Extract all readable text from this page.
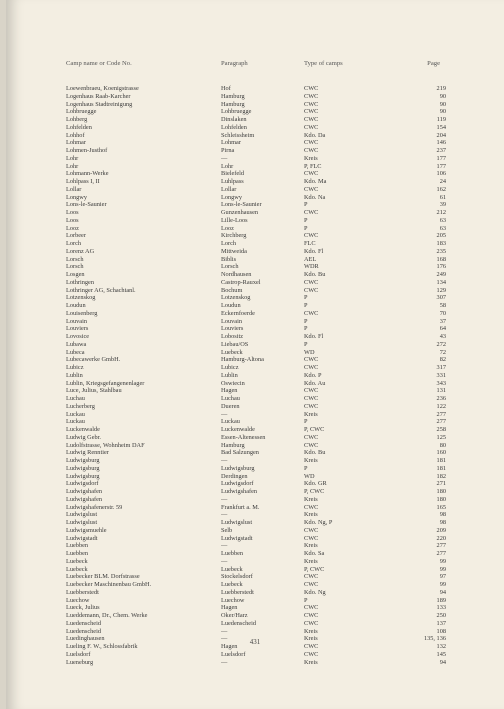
Camp name or Code No.	Paragraph	Type of camps	Page
Loewenbraeu, Koenigstrasse	Hof	CWC	219
Logenhaus Raab-Karcher	Hamburg	CWC	90
Logenhaus Stadtreinigung	Hamburg	CWC	90
Lohbruegge	Lohbruegge	CWC	90
Lohberg	Dinslaken	CWC	119
Lohfelden	Lohfelden	CWC	154
Lohhof	Schleissheim	Kdo. Da	204
Lohmar	Lohmar	CWC	146
Lohmen-Justhof	Pirna	CWC	237
Lohr	—	Kreis	177
Lohr	Lohr	P, FLC	177
Lohmann-Werke	Bielefeld	CWC	106
Lohlpass I, II	Luhlpass	Kdo. Ma	24
Lollar	Lollar	CWC	162
Longwy	Longwy	Kdo. Na	61
Lons-le-Saunier	Lons-le-Saunier	P	39
Loos	Gunzenhausen	CWC	212
Loos	Lille-Loos	P	63
Looz	Looz	P	63
Lorbeer	Kirchberg	CWC	205
Lorch	Lorch	FLC	183
Lorenz AG	Mittweida	Kdo. Fl	235
Lorsch	Biblis	AEL	168
Lorsch	Lorsch	WDR	176
Losgen	Nordhausen	Kdo. Bu	249
Lothringen	Castrop-Rauxel	CWC	134
Lothringer AG, Schachtanl.	Bochum	CWC	129
Lotzenskog	Lotzenskog	P	307
Loudun	Loudun	P	58
Louisenberg	Eckernfoerde	CWC	70
Louvain	Louvain	P	37
Louviers	Louviers	P	64
Lovosice	Lobositz	Kdo. Fl	43
Lubawa	Liebau/OS	P	272
Lubeca	Luebeck	WD	72
Lubecawerke GmbH.	Hamburg-Altona	CWC	82
Lubicz	Lubicz	CWC	317
Lublin	Lublin	Kdo. P	331
Lublin, Kriegsgefangenenlager	Oswiecin	Kdo. Au	343
Luce, Julius, Stahlbau	Hagen	CWC	131
Luchau	Luchau	CWC	236
Lucherberg	Dueren	CWC	122
Luckau	—	Kreis	277
Luckau	Luckau	P	277
Luckenwalde	Luckenwalde	P, CWC	258
Ludwig Gebr.	Essen-Altenessen	CWC	125
Ludolfstrasse, Wohnheim DAF	Hamburg	CWC	80
Ludwig Renntier	Bad Salzungen	Kdo. Bu	160
Ludwigsburg	—	Kreis	181
Ludwigsburg	Ludwigsburg	P	181
Ludwigsburg	Derdingen	WD	182
Ludwigsdorf	Ludwigsdorf	Kdo. GR	271
Ludwigshafen	Ludwigshafen	P, CWC	180
Ludwigshafen	—	Kreis	180
Ludwigshafenerstr. 59	Frankfurt a. M.	CWC	165
Ludwigslust	—	Kreis	98
Ludwigslust	Ludwigslust	Kdo. Ng, P	98
Ludwigsmuehle	Selb	CWC	209
Ludwigstadt	Ludwigstadt	CWC	220
Luebben	—	Kreis	277
Luebben	Luebben	Kdo. Sa	277
Luebeck	—	Kreis	99
Luebeck	Luebeck	P, CWC	99
Luebecker BLM. Dorfstrasse	Stockelsdorf	CWC	97
Luebecker Maschinenbau GmbH.	Luebeck	CWC	99
Luebberstedt	Luebberstedt	Kdo. Ng	94
Luechow	Luechow	P	189
Lueck, Julius	Hagen	CWC	133
Lueddemann, Dr., Chem. Werke	Oker/Harz	CWC	250
Luedenscheid	Luedenscheid	CWC	137
Luedenscheid	—	Kreis	108
Luedinghausen	—	Kreis	135, 136
Lueling F. W., Schlossfabrik	Hagen	CWC	132
Luelsdorf	Luelsdorf	CWC	145
Lueneburg	—	Kreis	94
431
